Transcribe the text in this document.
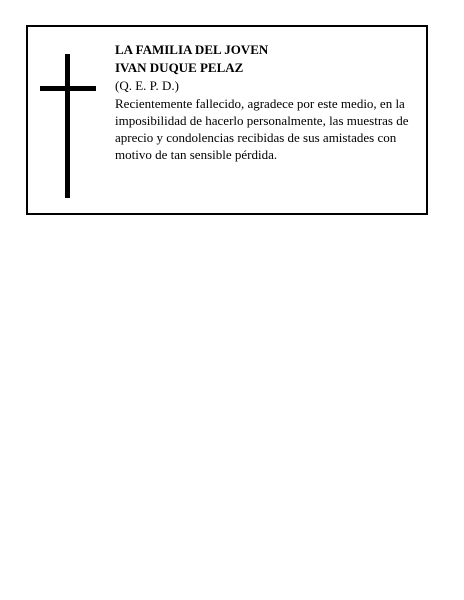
LA FAMILIA DEL JOVEN

IVAN DUQUE PELAZ

(Q. E. P. D.)

Recientemente fallecido, agradece por este medio, en la imposibilidad de hacerlo personalmente, las muestras de aprecio y condolencias recibidas de sus amistades con motivo de tan sensible pérdida.
